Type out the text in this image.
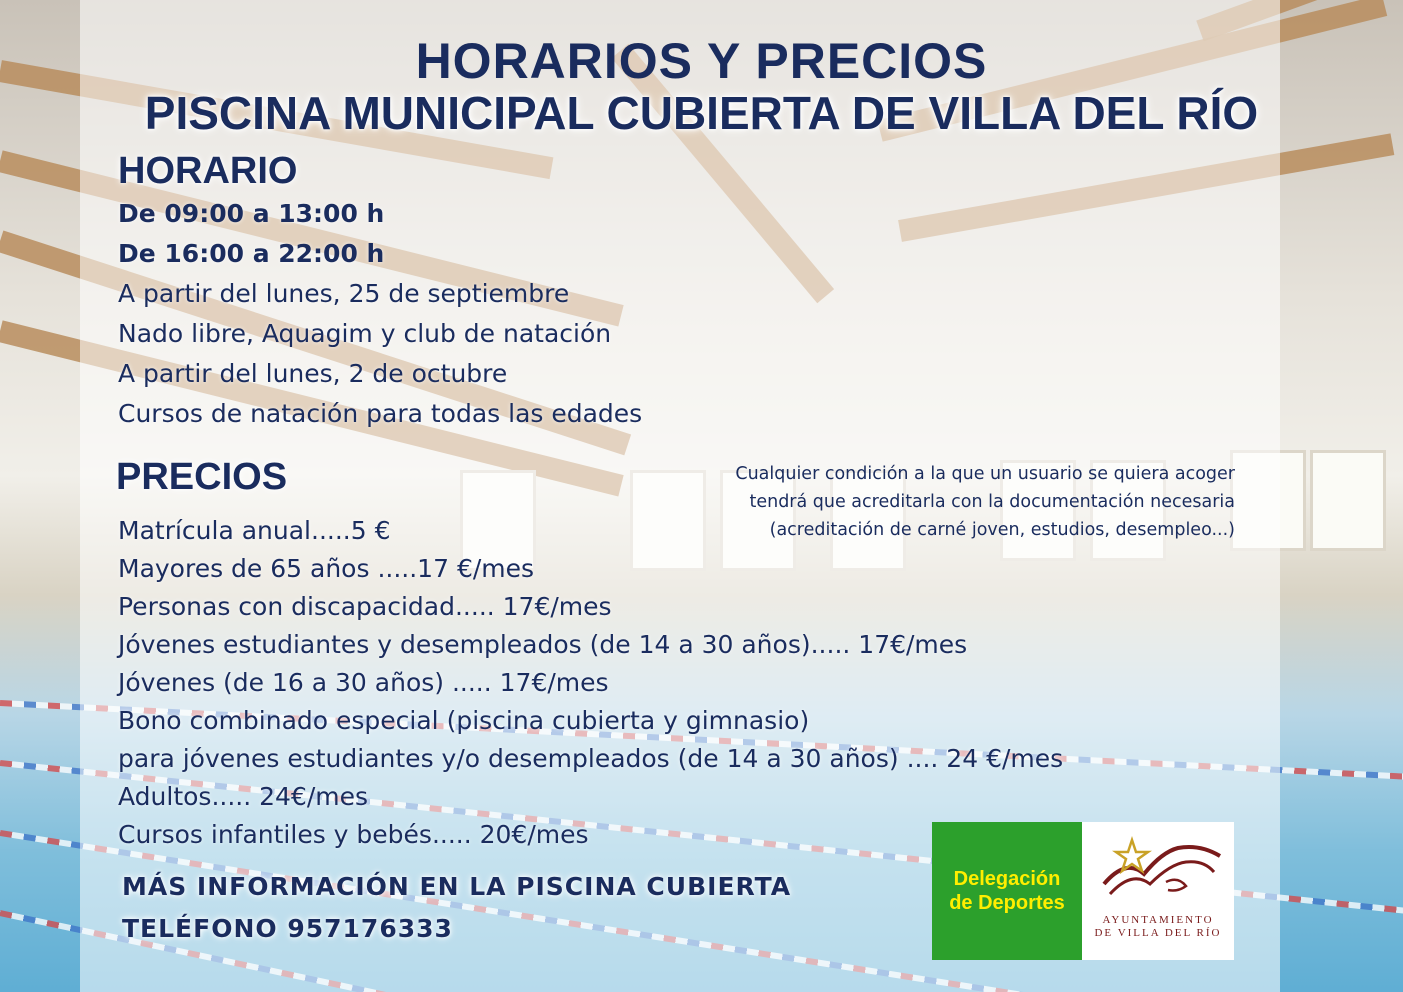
HORARIOS Y PRECIOS
PISCINA MUNICIPAL CUBIERTA DE VILLA DEL RÍO
HORARIO
De 09:00 a 13:00 h
De 16:00 a 22:00 h
A partir del lunes, 25 de septiembre
Nado libre, Aquagim y club de natación
A partir del lunes, 2 de octubre
Cursos de natación para todas las edades
PRECIOS
Matrícula anual.....5 €
Mayores de 65 años .....17 €/mes
Personas con discapacidad..... 17€/mes
Jóvenes estudiantes y desempleados (de 14 a 30 años)..... 17€/mes
Jóvenes (de 16 a 30 años) ..... 17€/mes
Bono combinado especial (piscina cubierta y gimnasio)
para jóvenes estudiantes y/o desempleados (de 14 a 30 años) .... 24 €/mes
Adultos..... 24€/mes
Cursos infantiles y bebés..... 20€/mes
Cualquier condición a la que un usuario se quiera acoger
tendrá que acreditarla con la documentación necesaria
(acreditación de carné joven, estudios, desempleo...)
MÁS INFORMACIÓN EN LA PISCINA CUBIERTA
TELÉFONO 957176333
Delegación
de Deportes
AYUNTAMIENTO
DE VILLA DEL RÍO
